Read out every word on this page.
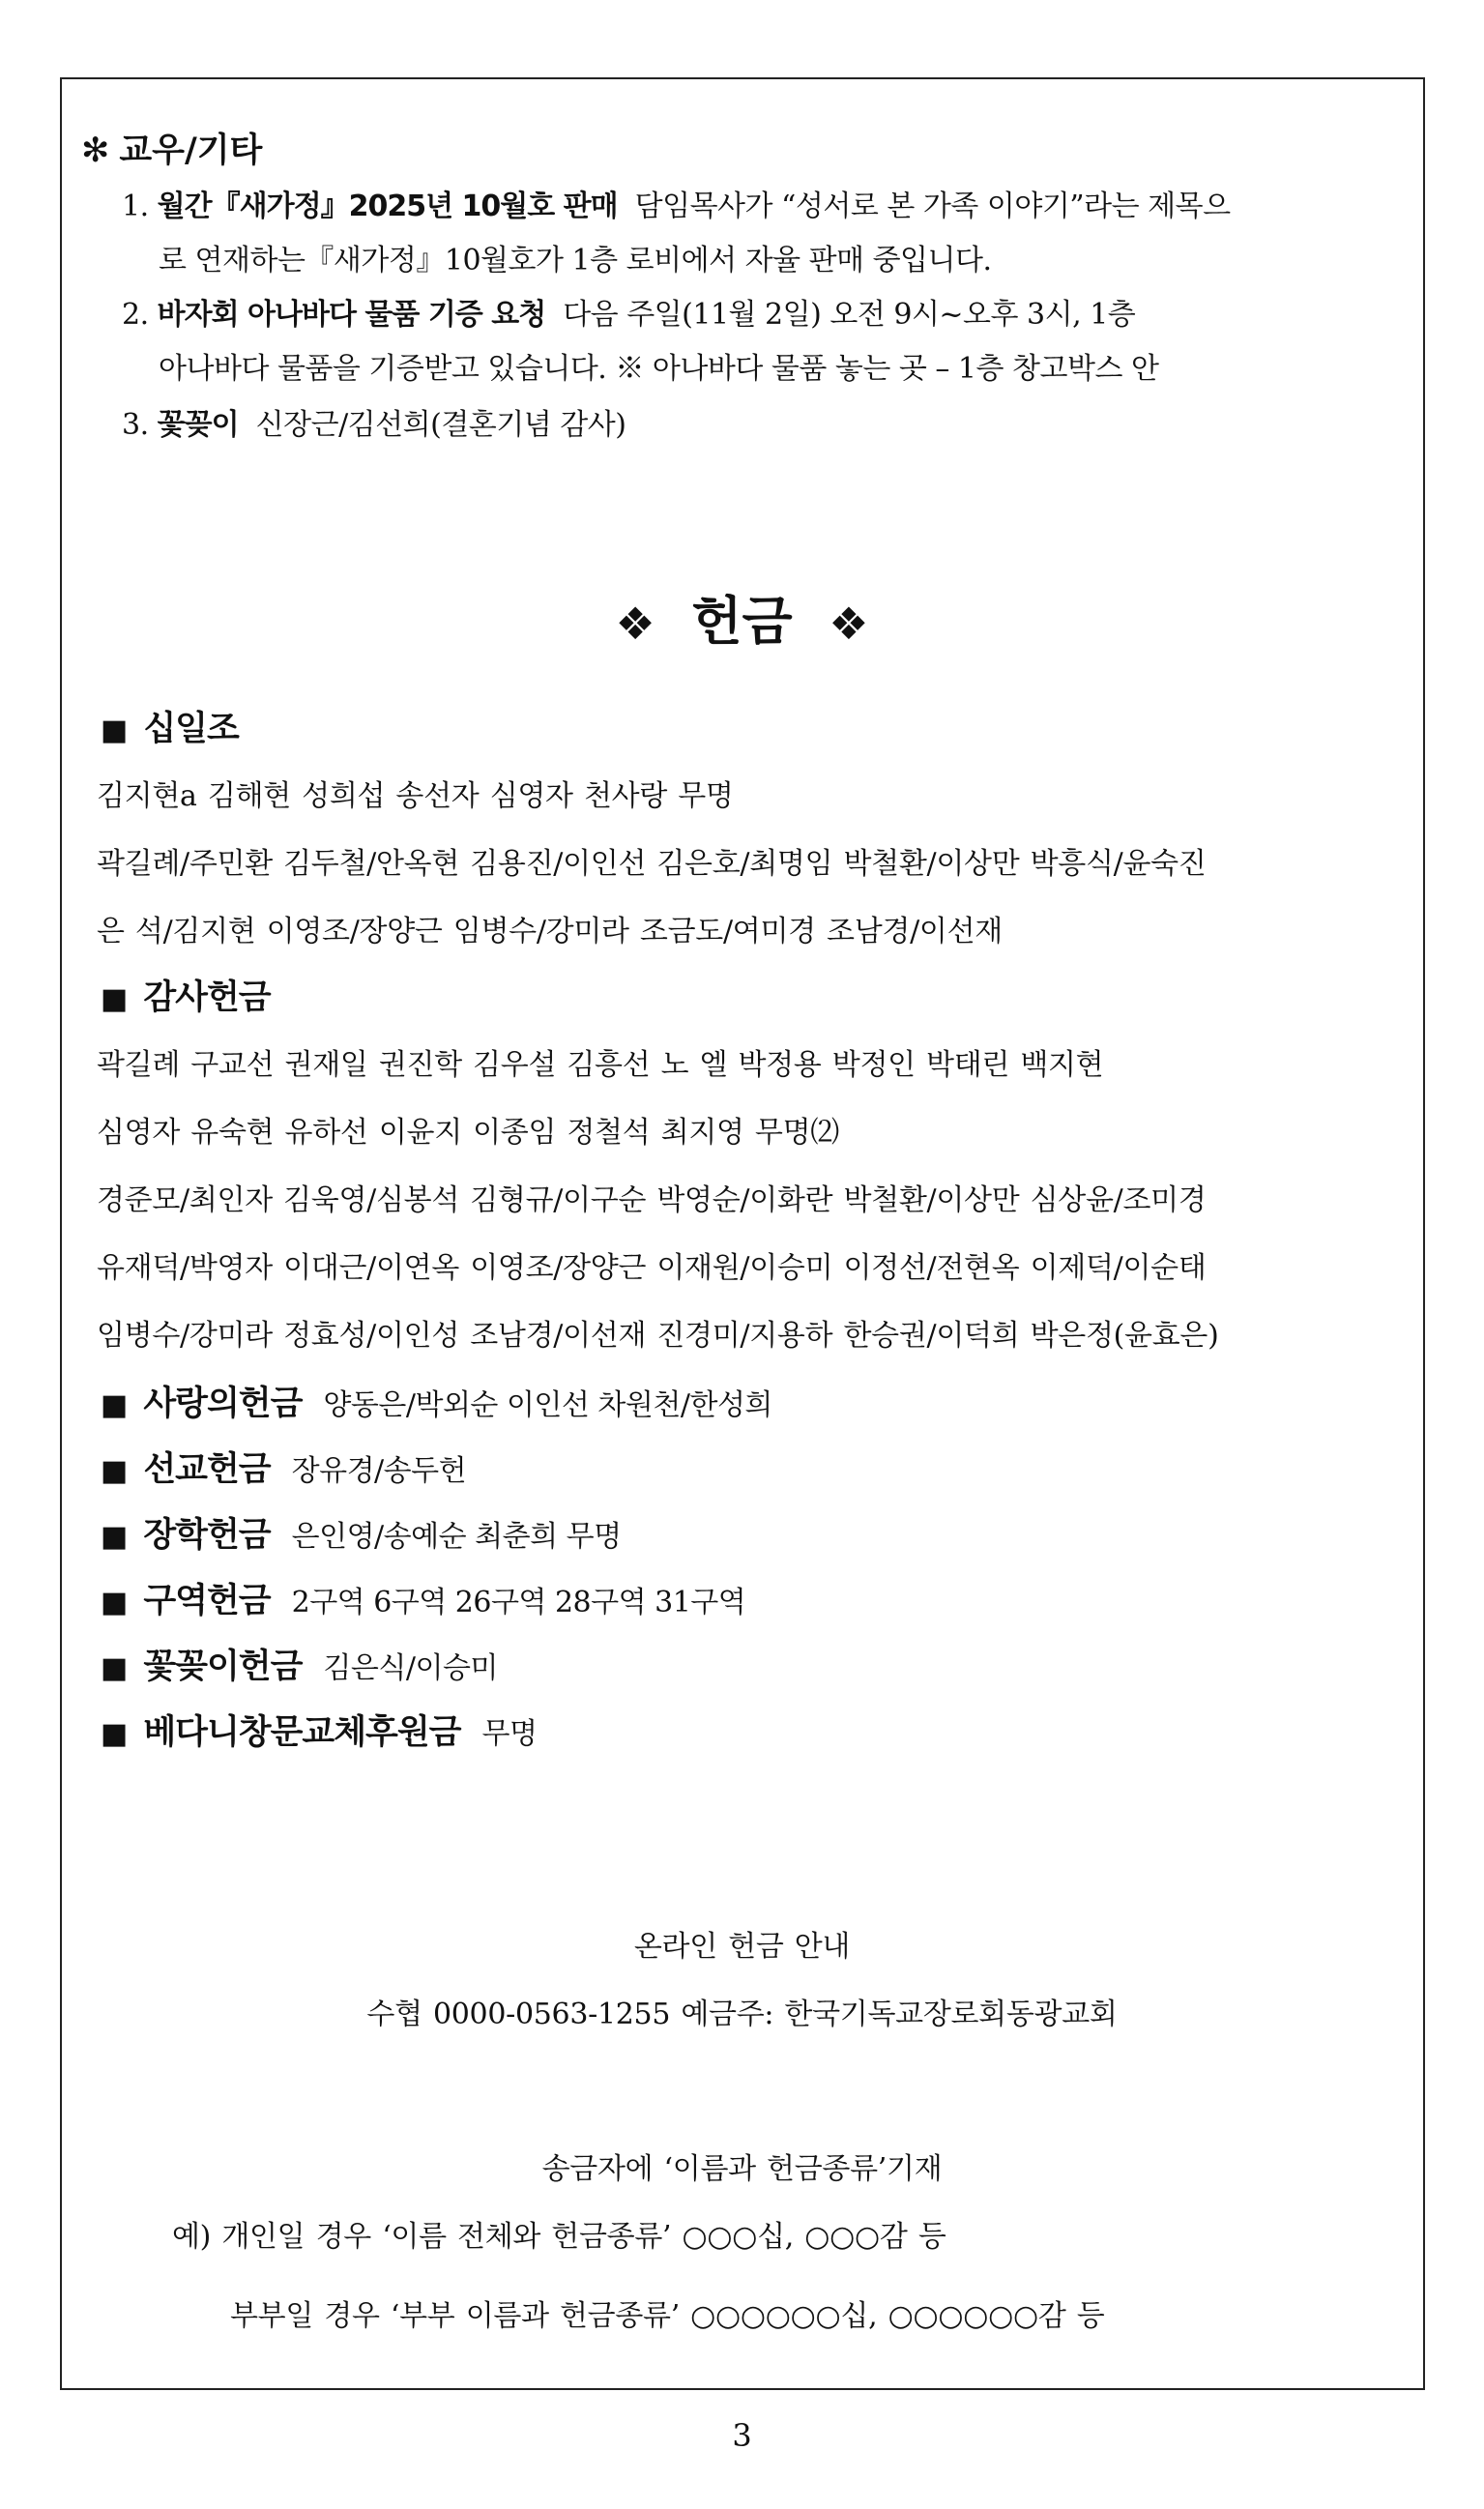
✻ 교우/기타
1. 월간『새가정』2025년 10월호 판매 담임목사가 “성서로 본 가족 이야기”라는 제목으
로 연재하는『새가정』10월호가 1층 로비에서 자율 판매 중입니다.
2. 바자회 아나바다 물품 기증 요청 다음 주일(11월 2일) 오전 9시~오후 3시, 1층
아나바다 물품을 기증받고 있습니다. ※ 아나바다 물품 놓는 곳 – 1층 창고박스 안
3. 꽃꽂이 신장근/김선희(결혼기념 감사)
❖ 헌금 ❖
■ 십일조
김지현a 김해현 성희섭 송선자 심영자 천사랑 무명
곽길례/주민환 김두철/안옥현 김용진/이인선 김은호/최명임 박철환/이상만 박흥식/윤숙진
은 석/김지현 이영조/장양근 임병수/강미라 조금도/여미경 조남경/이선재
■ 감사헌금
곽길례 구교선 권재일 권진학 김우설 김흥선 노 엘 박정용 박정인 박태린 백지현
심영자 유숙현 유하선 이윤지 이종임 정철석 최지영 무명⑵
경준모/최인자 김욱영/심봉석 김형규/이구순 박영순/이화란 박철환/이상만 심상윤/조미경
유재덕/박영자 이대근/이연옥 이영조/장양근 이재원/이승미 이정선/전현옥 이제덕/이순태
임병수/강미라 정효성/이인성 조남경/이선재 진경미/지용하 한승권/이덕희 박은정(윤효은)
■ 사랑의헌금 양동은/박외순 이인선 차원천/한성희
■ 선교헌금 장유경/송두헌
■ 장학헌금 은인영/송예순 최춘희 무명
■ 구역헌금 2구역 6구역 26구역 28구역 31구역
■ 꽃꽂이헌금 김은식/이승미
■ 베다니창문교체후원금 무명
온라인 헌금 안내
수협 0000-0563-1255 예금주: 한국기독교장로회동광교회
송금자에 ‘이름과 헌금종류’기재
예) 개인일 경우 ‘이름 전체와 헌금종류’ ○○○십, ○○○감 등
부부일 경우 ‘부부 이름과 헌금종류’ ○○○○○○십, ○○○○○○감 등
3
